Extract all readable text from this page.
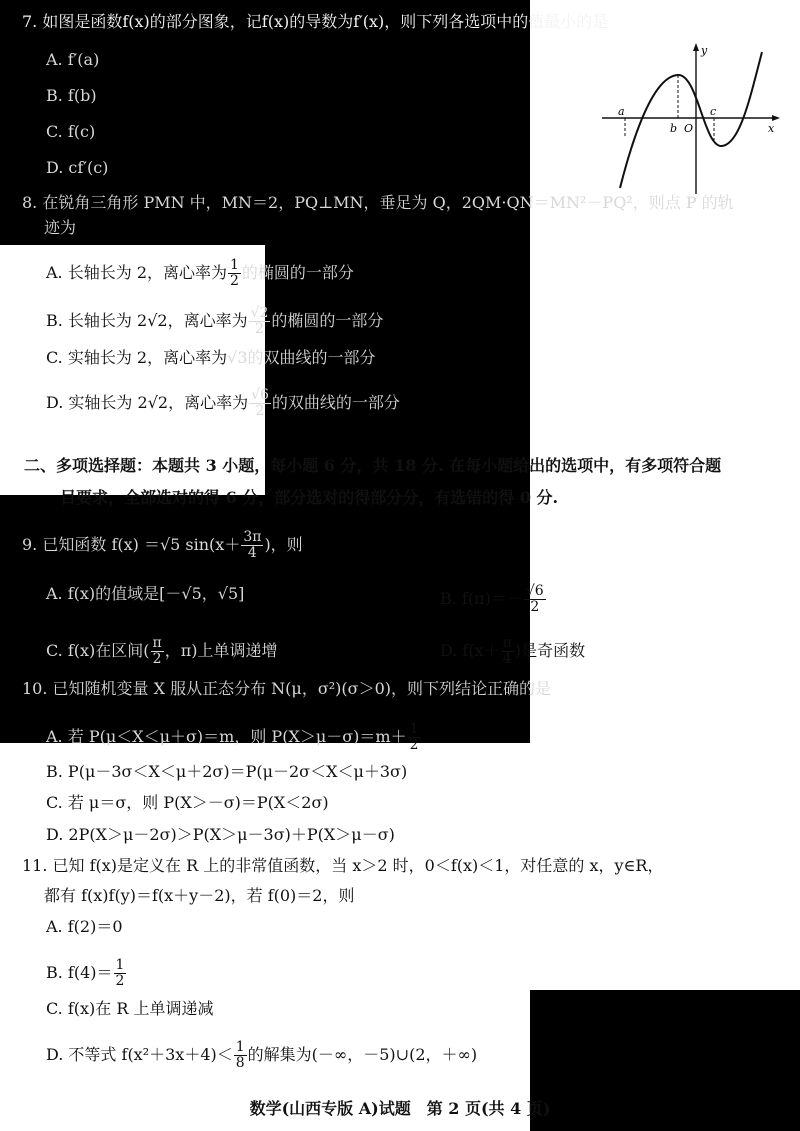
y
x
a
b O
c
7. 如图是函数f(x)的部分图象，记f(x)的导数为f′(x)，则下列各选项中的值最小的是
A. f′(a)
B. f(b)
C. f(c)
D. cf′(c)
8. 在锐角三角形 PMN 中，MN＝2，PQ⊥MN，垂足为 Q，2QM·QN＝MN²－PQ²，则点 P 的轨
迹为
A. 长轴长为 2，离心率为 $\frac{1}{2}$ 的椭圆的一部分
B. 长轴长为 2√2，离心率为 $\frac{√2}{2}$ 的椭圆的一部分
C. 实轴长为 2，离心率为√3的双曲线的一部分
D. 实轴长为 2√2，离心率为 $\frac{√6}{2}$ 的双曲线的一部分
二、多项选择题：本题共 3 小题，每小题 6 分，共 18 分. 在每小题给出的选项中，有多项符合题
目要求，全部选对的得 6 分，部分选对的得部分分，有选错的得 0 分.
9. 已知函数 f(x) ＝√5 $\sin(x+ \frac{3\pi}{4}$ )，则
A. f(x)的值域是[－√5，√5]	B. $f(\pi)=- \frac{√6}{2}$
C. f(x)在区间( $\frac{\pi}{2}$ ，π)上单调递增	D. $f(x+ \frac{\pi}{4}$ )是奇函数
10. 已知随机变量 X 服从正态分布 N(μ，σ²)(σ＞0)，则下列结论正确的是
A. 若 P(μ＜X＜μ＋σ)＝m，则 $P(X>\mu-\sigma)=m+ \frac{1}{2}$
B. P(μ－3σ＜X＜μ＋2σ)＝P(μ－2σ＜X＜μ＋3σ)
C. 若 μ＝σ，则 P(X＞－σ)＝P(X＜2σ)
D. 2P(X＞μ－2σ)＞P(X＞μ－3σ)＋P(X＞μ－σ)
11. 已知 f(x)是定义在 R 上的非常值函数，当 x＞2 时，0＜f(x)＜1，对任意的 x，y∈R，
都有 f(x)f(y)＝f(x＋y－2)，若 f(0)＝2，则
A. f(2)＝0
B. $f(4)= \frac{1}{2}$
C. f(x)在 R 上单调递减
D. 不等式 $f(x^2+3x+4)< \frac{1}{8}$ 的解集为(－∞，－5)∪(2，＋∞)
数学(山西专版 A)试题　第 2 页(共 4 页)
